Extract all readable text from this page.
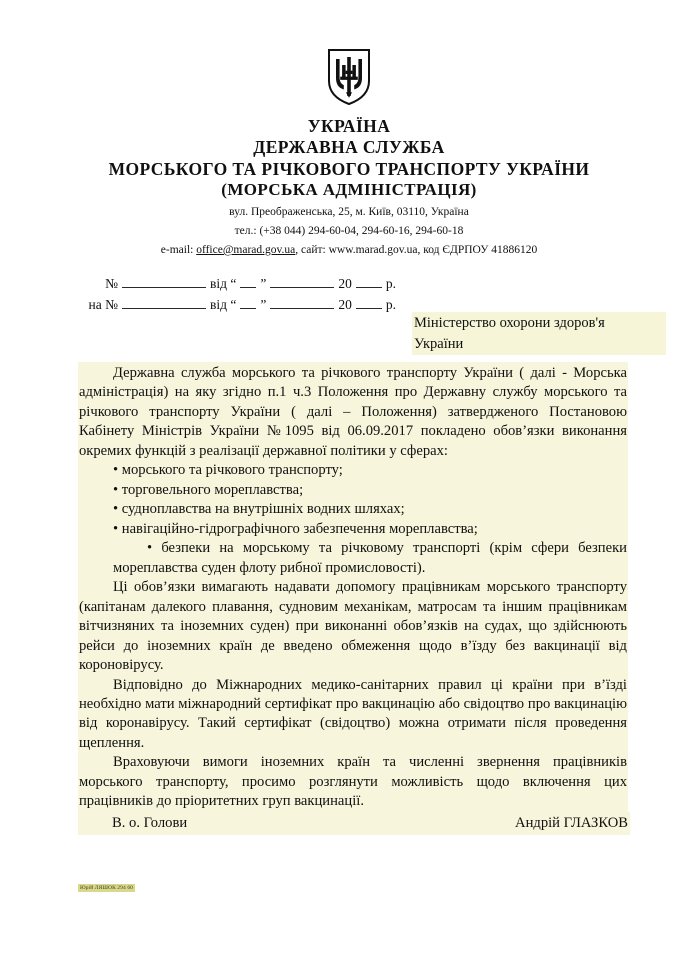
УКРАЇНА
ДЕРЖАВНА СЛУЖБА
МОРСЬКОГО ТА РІЧКОВОГО ТРАНСПОРТУ УКРАЇНИ
(МОРСЬКА АДМІНІСТРАЦІЯ)
вул. Преображенська, 25, м. Київ, 03110, Україна
тел.: (+38 044) 294-60-04, 294-60-16, 294-60-18
e-mail: office@marad.gov.ua, сайт: www.marad.gov.ua, код ЄДРПОУ 41886120
№	від “ ”	20	р.
на №	від “ ”	20	р.
Міністерство охорони здоров'я
України

Державна служба морського та річкового транспорту України ( далі - Морська адміністрація) на яку згідно п.1 ч.3 Положення про Державну службу морського та річкового транспорту України ( далі – Положення) затвердженого Постановою Кабінету Міністрів України №1095 від 06.09.2017 покладено обов’язки виконання окремих функцій з реалізації державної політики у сферах:

• морського та річкового транспорту;
• торговельного мореплавства;
• судноплавства на внутрішніх водних шляхах;
• навігаційно-гідрографічного забезпечення мореплавства;

• безпеки на морському та річковому транспорті (крім сфери безпеки мореплавства суден флоту рибної промисловості).

Ці обов’язки вимагають надавати допомогу працівникам морського транспорту (капітанам далекого плавання, судновим механікам, матросам та іншим працівникам вітчизняних та іноземних суден) при виконанні обов’язків на судах, що здійснюють рейси до іноземних країн де введено обмеження щодо в’їзду без вакцинації від короновірусу.

Відповідно до Міжнародних медико-санітарних правил ці країни при в’їзді необхідно мати міжнародний сертифікат про вакцинацію або свідоцтво про вакцинацію від коронавірусу. Такий сертифікат (свідоцтво) можна отримати після проведення щеплення.

Враховуючи вимоги іноземних країн та численні звернення працівників морського транспорту, просимо розглянути можливість щодо включення цих працівників до пріоритетних груп вакцинації.

В. о. Голови	Андрій ГЛАЗКОВ
Юрій ЛЯШОК 294 60
